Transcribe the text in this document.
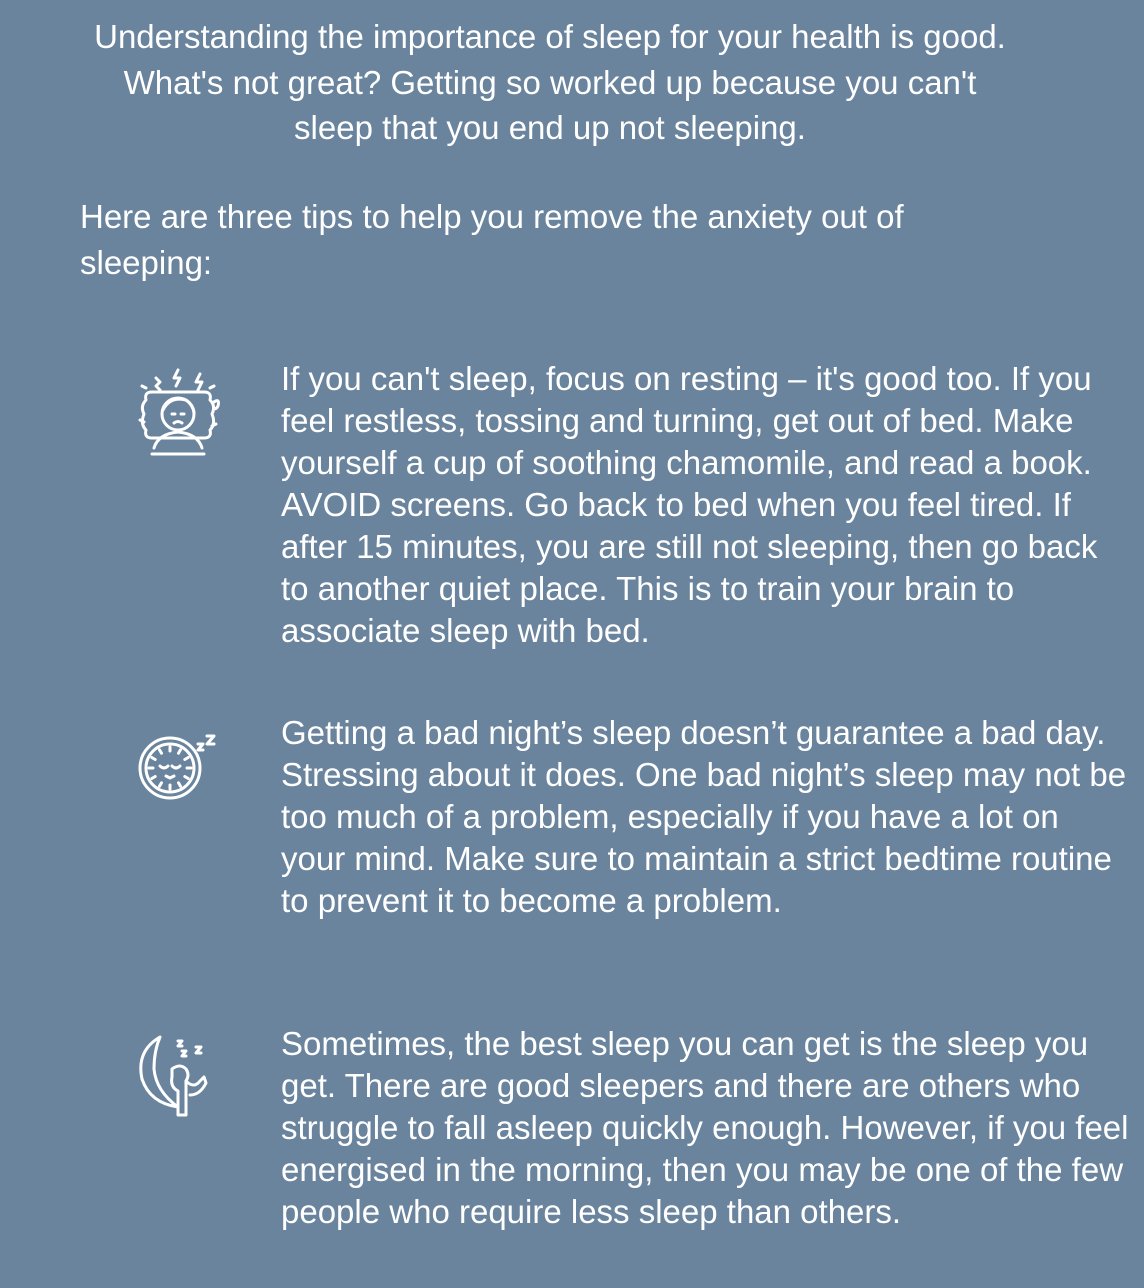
Understanding the importance of sleep for your health is good. What's not great? Getting so worked up because you can't sleep that you end up not sleeping.

Here are three tips to help you remove the anxiety out of sleeping:

If you can't sleep, focus on resting – it's good too. If you feel restless, tossing and turning, get out of bed. Make yourself a cup of soothing chamomile, and read a book. AVOID screens. Go back to bed when you feel tired. If after 15 minutes, you are still not sleeping, then go back to another quiet place. This is to train your brain to associate sleep with bed.

Getting a bad night’s sleep doesn’t guarantee a bad day. Stressing about it does. One bad night’s sleep may not be too much of a problem, especially if you have a lot on your mind. Make sure to maintain a strict bedtime routine to prevent it to become a problem.

Sometimes, the best sleep you can get is the sleep you get. There are good sleepers and there are others who struggle to fall asleep quickly enough. However, if you feel energised in the morning, then you may be one of the few people who require less sleep than others.
